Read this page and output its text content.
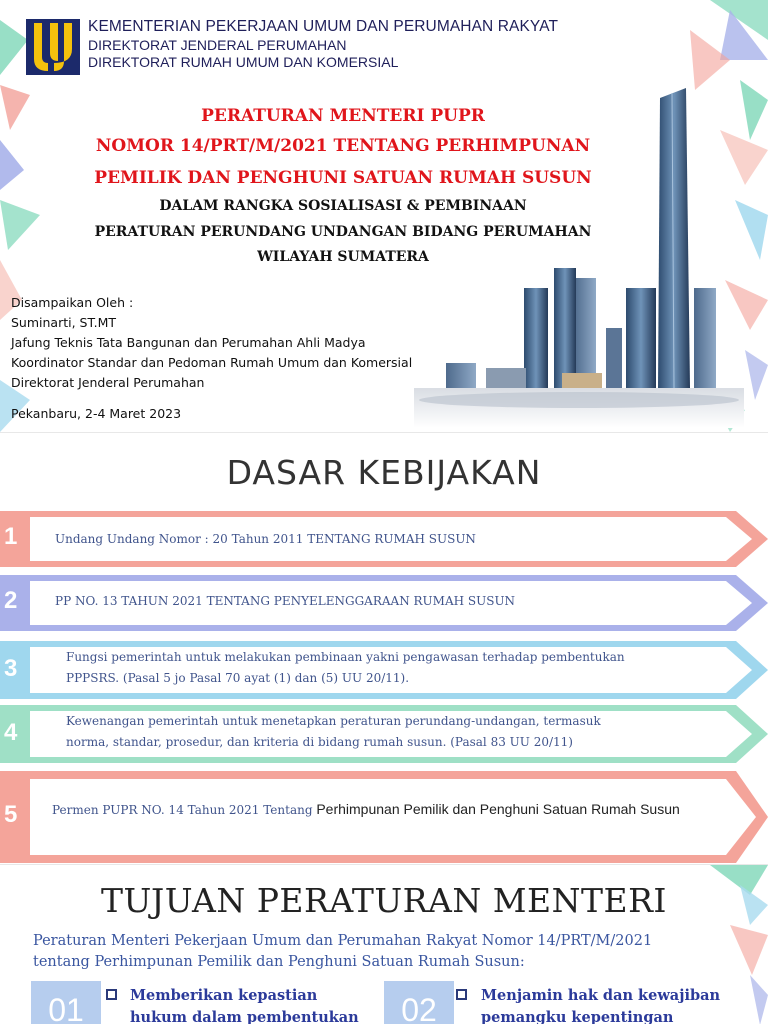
KEMENTERIAN PEKERJAAN UMUM DAN PERUMAHAN RAKYAT
DIREKTORAT JENDERAL PERUMAHAN
DIREKTORAT RUMAH UMUM DAN KOMERSIAL
PERATURAN MENTERI PUPR
NOMOR 14/PRT/M/2021 TENTANG PERHIMPUNAN
PEMILIK DAN PENGHUNI SATUAN RUMAH SUSUN
DALAM RANGKA SOSIALISASI & PEMBINAAN
PERATURAN PERUNDANG UNDANGAN BIDANG PERUMAHAN
WILAYAH SUMATERA
Disampaikan Oleh :
Suminarti, ST.MT
Jafung Teknis Tata Bangunan dan Perumahan Ahli Madya
Koordinator Standar dan Pedoman Rumah Umum dan Komersial
Direktorat Jenderal Perumahan
Pekanbaru, 2-4 Maret 2023
DASAR KEBIJAKAN
1	Undang Undang Nomor : 20 Tahun 2011 TENTANG RUMAH SUSUN
2	PP NO. 13 TAHUN 2021 TENTANG PENYELENGGARAAN RUMAH SUSUN
3	Fungsi pemerintah untuk melakukan pembinaan yakni pengawasan terhadap pembentukan
PPPSRS. (Pasal 5 jo Pasal 70 ayat (1) dan (5) UU 20/11).
4	Kewenangan pemerintah untuk menetapkan peraturan perundang-undangan, termasuk
norma, standar, prosedur, dan kriteria di bidang rumah susun. (Pasal 83 UU 20/11)
5	Permen PUPR NO. 14 Tahun 2021 Tentang Perhimpunan Pemilik dan Penghuni Satuan Rumah Susun
TUJUAN PERATURAN MENTERI
Peraturan Menteri Pekerjaan Umum dan Perumahan Rakyat Nomor 14/PRT/M/2021
tentang Perhimpunan Pemilik dan Penghuni Satuan Rumah Susun:
01	Memberikan kepastian
hukum dalam pembentukan	02	Menjamin hak dan kewajiban
pemangku kepentingan
